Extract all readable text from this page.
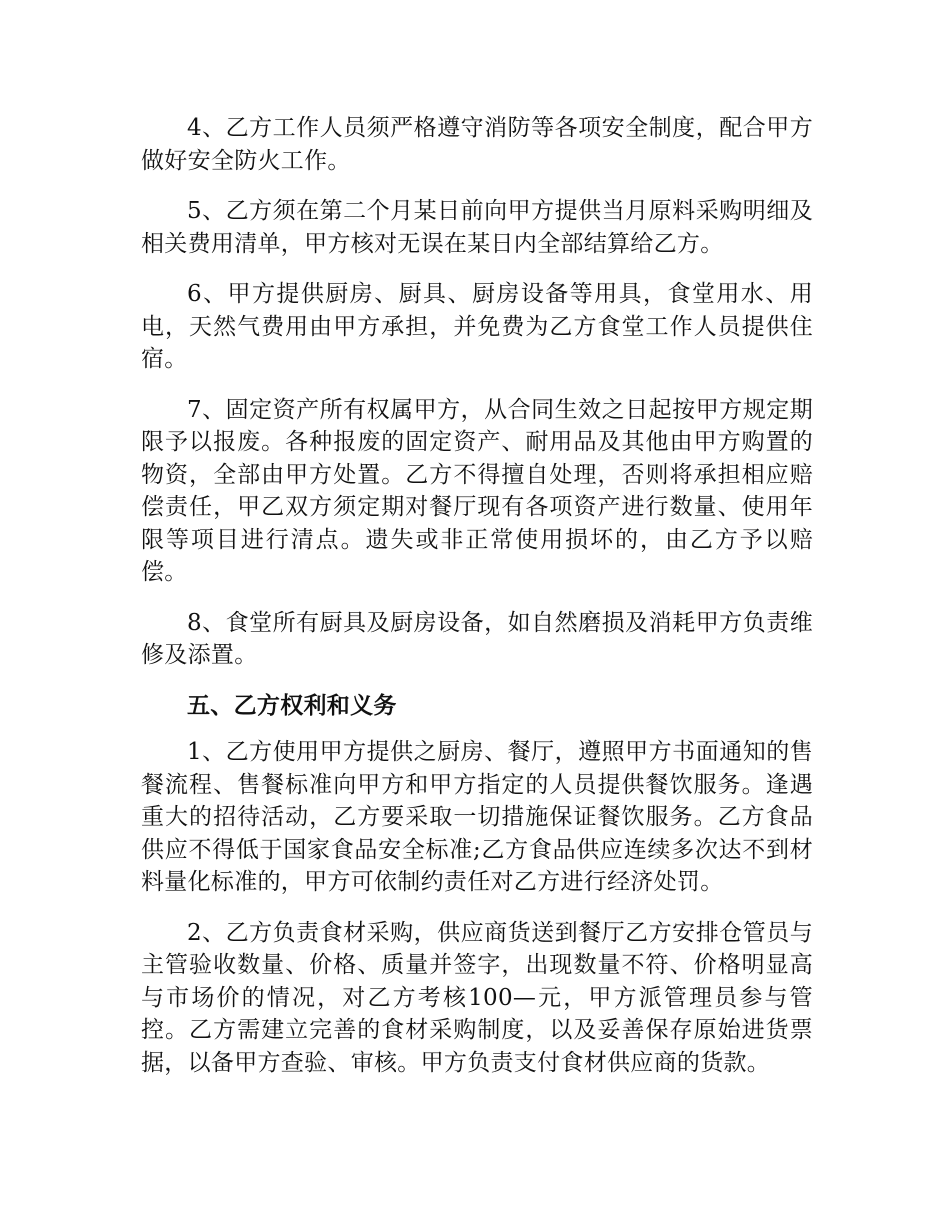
4、乙方工作人员须严格遵守消防等各项安全制度，配合甲方做好安全防火工作。

5、乙方须在第二个月某日前向甲方提供当月原料采购明细及相关费用清单，甲方核对无误在某日内全部结算给乙方。

6、甲方提供厨房、厨具、厨房设备等用具，食堂用水、用电，天然气费用由甲方承担，并免费为乙方食堂工作人员提供住宿。

7、固定资产所有权属甲方，从合同生效之日起按甲方规定期限予以报废。各种报废的固定资产、耐用品及其他由甲方购置的物资，全部由甲方处置。乙方不得擅自处理，否则将承担相应赔偿责任，甲乙双方须定期对餐厅现有各项资产进行数量、使用年限等项目进行清点。遗失或非正常使用损坏的，由乙方予以赔偿。

8、食堂所有厨具及厨房设备，如自然磨损及消耗甲方负责维修及添置。

五、乙方权利和义务

1、乙方使用甲方提供之厨房、餐厅，遵照甲方书面通知的售餐流程、售餐标准向甲方和甲方指定的人员提供餐饮服务。逢遇重大的招待活动，乙方要采取一切措施保证餐饮服务。乙方食品供应不得低于国家食品安全标准;乙方食品供应连续多次达不到材料量化标准的，甲方可依制约责任对乙方进行经济处罚。

2、乙方负责食材采购，供应商货送到餐厅乙方安排仓管员与主管验收数量、价格、质量并签字，出现数量不符、价格明显高与市场价的情况，对乙方考核100—元，甲方派管理员参与管控。乙方需建立完善的食材采购制度，以及妥善保存原始进货票据，以备甲方查验、审核。甲方负责支付食材供应商的货款。
